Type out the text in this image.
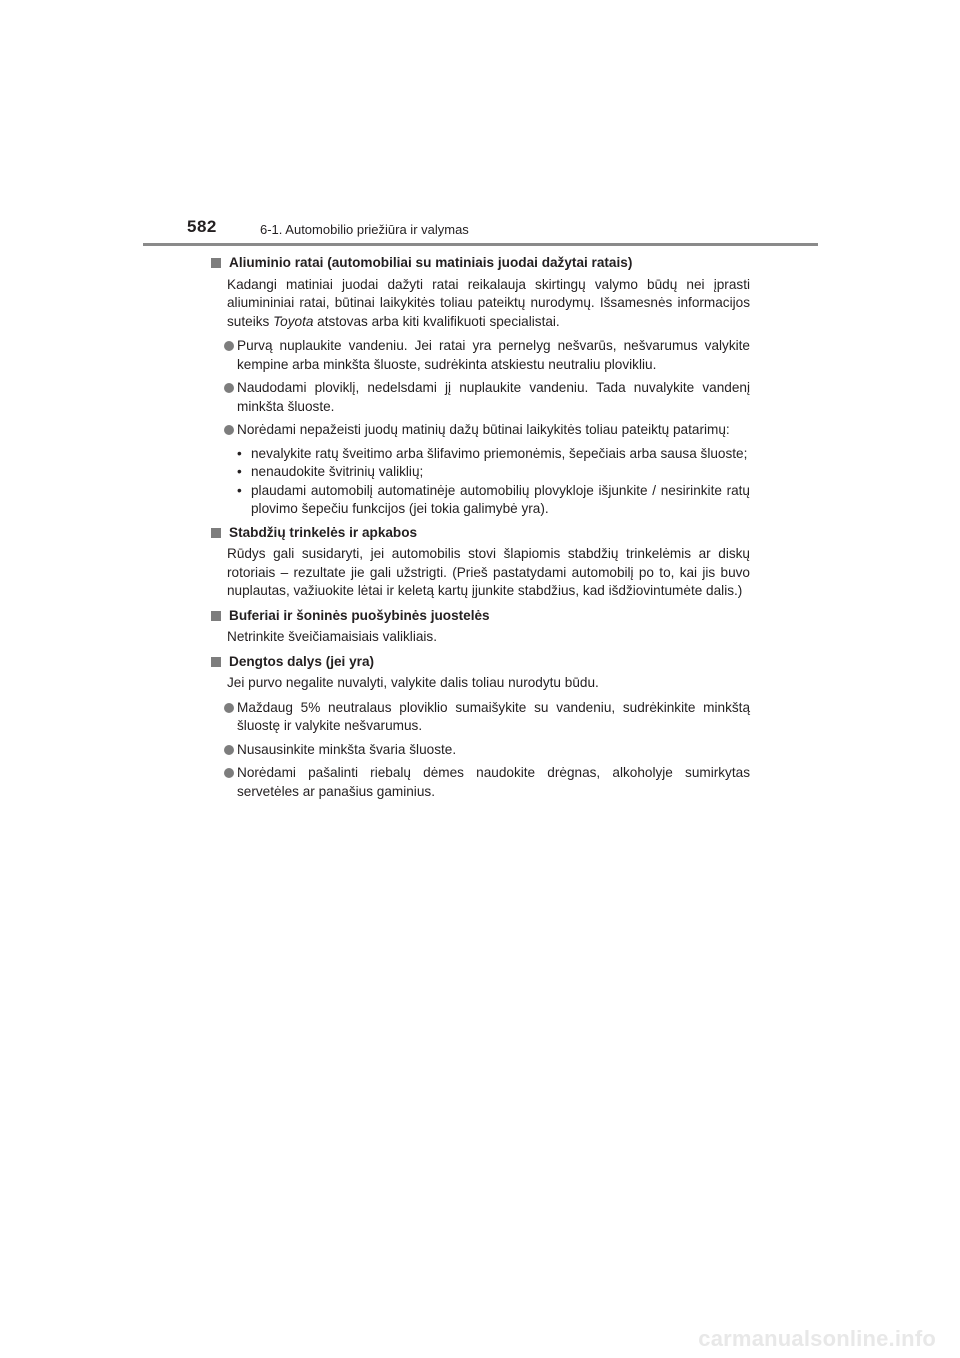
582	6-1. Automobilio priežiūra ir valymas
Aliuminio ratai (automobiliai su matiniais juodai dažytai ratais)

Kadangi matiniai juodai dažyti ratai reikalauja skirtingų valymo būdų nei įprasti aliumininiai ratai, būtinai laikykitės toliau pateiktų nurodymų. Išsamesnės informacijos suteiks Toyota atstovas arba kiti kvalifikuoti specialistai.

Purvą nuplaukite vandeniu. Jei ratai yra pernelyg nešvarūs, nešvarumus valykite kempine arba minkšta šluoste, sudrėkinta atskiestu neutraliu plovikliu.
Naudodami ploviklį, nedelsdami jį nuplaukite vandeniu. Tada nuvalykite vandenį minkšta šluoste.
Norėdami nepažeisti juodų matinių dažų būtinai laikykitės toliau pateiktų patarimų:
• nevalykite ratų šveitimo arba šlifavimo priemonėmis, šepečiais arba sausa šluoste;
• nenaudokite švitrinių valiklių;
• plaudami automobilį automatinėje automobilių plovykloje išjunkite / nesirinkite ratų plovimo šepečiu funkcijos (jei tokia galimybė yra).
Stabdžių trinkelės ir apkabos

Rūdys gali susidaryti, jei automobilis stovi šlapiomis stabdžių trinkelėmis ar diskų rotoriais – rezultate jie gali užstrigti. (Prieš pastatydami automobilį po to, kai jis buvo nuplautas, važiuokite lėtai ir keletą kartų įjunkite stabdžius, kad išdžiovintumėte dalis.)

Buferiai ir šoninės puošybinės juostelės

Netrinkite šveičiamaisiais valikliais.

Dengtos dalys (jei yra)

Jei purvo negalite nuvalyti, valykite dalis toliau nurodytu būdu.

Maždaug 5% neutralaus ploviklio sumaišykite su vandeniu, sudrėkinkite minkštą šluostę ir valykite nešvarumus.
Nusausinkite minkšta švaria šluoste.
Norėdami pašalinti riebalų dėmes naudokite drėgnas, alkoholyje sumirkytas servetėles ar panašius gaminius.
carmanualsonline.info
